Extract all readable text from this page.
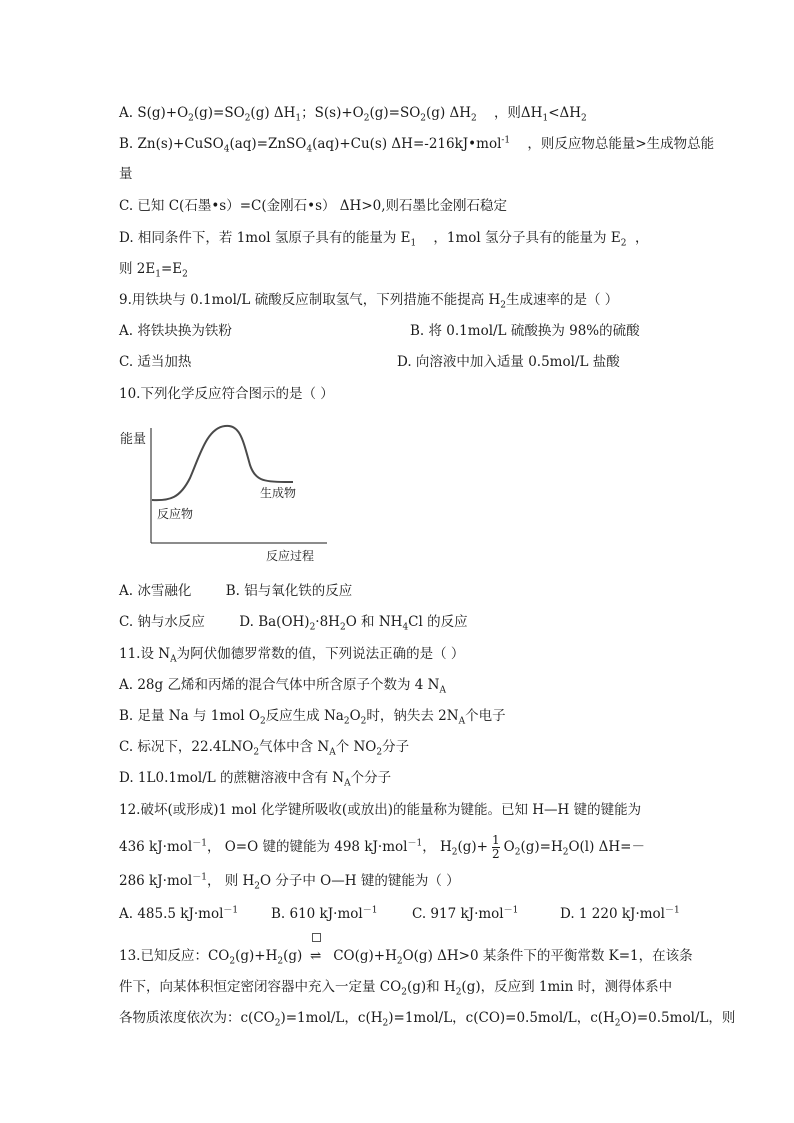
A. $S(g)+O_2(g)=SO_2(g)$ $\Delta H_1$；$S(s)+O_2(g)=SO_2(g)$ $\Delta H_2$ ，则$\Delta H_1<\Delta H_2$
B. Zn(s)+CuSO$_4$(aq)=ZnSO$_4$(aq)+Cu(s) ΔH=-216kJ•mol$^{-1}$ ，则反应物总能量>生成物总能
量
C. 已知 C(石墨•s）=C(金刚石•s） ΔH>0,则石墨比金刚石稳定
D. 相同条件下，若 1mol 氢原子具有的能量为 $E_1$ ，1mol 氢分子具有的能量为 $E_2$ ，
则 $2E_1=E_2$
9.用铁块与 0.1mol/L 硫酸反应制取氢气，下列措施不能提高 $H_2$生成速率的是（ ）
A. 将铁块换为铁粉	B. 将 0.1mol/L 硫酸换为 98%的硫酸
C. 适当加热	D. 向溶液中加入适量 0.5mol/L 盐酸
10.下列化学反应符合图示的是（ ）
能量
反应物
生成物
反应过程
A. 冰雪融化	B. 铝与氧化铁的反应
C. 钠与水反应	D. $Ba(OH)_2\cdot 8H_2O$ 和 $NH_4Cl$ 的反应
11.设 $N_A$为阿伏伽德罗常数的值，下列说法正确的是（ ）
A. 28g 乙烯和丙烯的混合气体中所含原子个数为 4 $N_A$
B. 足量 Na 与 1mol $O_2$反应生成 $Na_2O_2$时，钠失去 $2N_A$个电子
C. 标况下，$22.4LNO_2$气体中含 $N_A$个 $NO_2$分子
D. 1L0.1mol/L 的蔗糖溶液中含有 $N_A$个分子
12.破坏(或形成)1 mol 化学键所吸收(或放出)的能量称为键能。已知 H—H 键的键能为
436 kJ·mol$^{-1}$， O=O 键的键能为 498 kJ·mol$^{-1}$， $H_2(g)+ \frac{1}{2} O_2(g)=H_2O(l)$ ΔH=－
286 kJ·mol$^{-1}$， 则 $H_2O$ 分子中 O—H 键的键能为（ ）
A. 485.5 kJ·mol$^{-1}$ B. 610 kJ·mol$^{-1}$	C. 917 kJ·mol$^{-1}$	D. 1 220 kJ·mol$^{-1}$
13.已知反应：$CO_2(g)+H_2(g)$ ⇌ $CO(g)+H_2O(g)$ ΔH>0 某条件下的平衡常数 K=1，在该条
件下，向某体积恒定密闭容器中充入一定量 $CO_2(g)$和 $H_2(g)$，反应到 1min 时，测得体系中
各物质浓度依次为：$c(CO_2)=1mol/L$，$c(H_2)=1mol/L$，c(CO)=0.5mol/L，$c(H_2O)=0.5mol/L$，则
